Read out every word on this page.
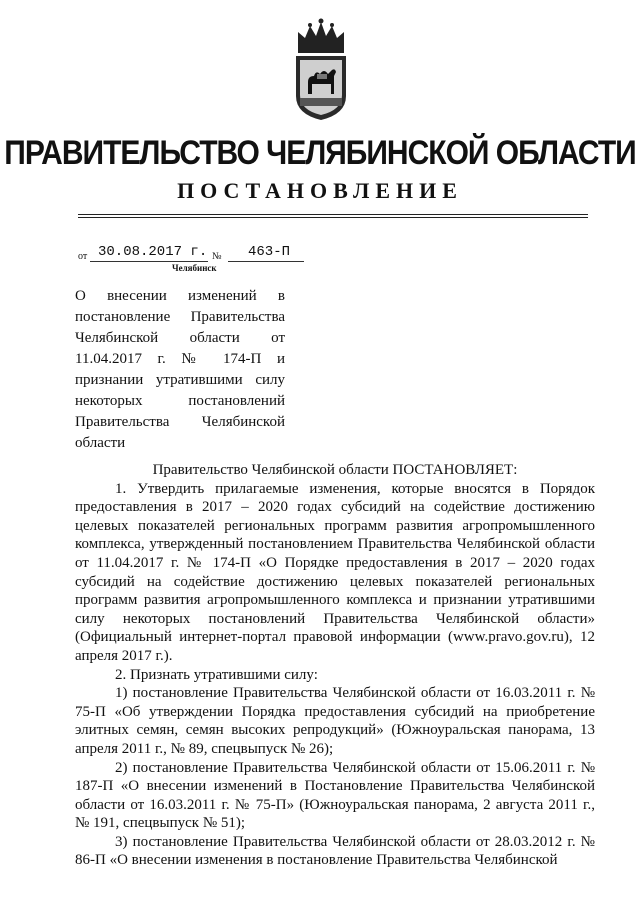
ПРАВИТЕЛЬСТВО ЧЕЛЯБИНСКОЙ ОБЛАСТИ
ПОСТАНОВЛЕНИЕ
от 30.08.2017 г. № 463-П
Челябинск
О внесении изменений в постановление Правительства Челябинской области от 11.04.2017 г. № 174-П и признании утратившими силу некоторых постановлений Правительства Челябинской области

Правительство Челябинской области ПОСТАНОВЛЯЕТ:

1. Утвердить прилагаемые изменения, которые вносятся в Порядок предоставления в 2017 – 2020 годах субсидий на содействие достижению целевых показателей региональных программ развития агропромышленного комплекса, утвержденный постановлением Правительства Челябинской области от 11.04.2017 г. № 174-П «О Порядке предоставления в 2017 – 2020 годах субсидий на содействие достижению целевых показателей региональных программ развития агропромышленного комплекса и признании утратившими силу некоторых постановлений Правительства Челябинской области» (Официальный интернет-портал правовой информации (www.pravo.gov.ru), 12 апреля 2017 г.).

2. Признать утратившими силу:

1) постановление Правительства Челябинской области от 16.03.2011 г. № 75-П «Об утверждении Порядка предоставления субсидий на приобретение элитных семян, семян высоких репродукций» (Южноуральская панорама, 13 апреля 2011 г., № 89, спецвыпуск № 26);

2) постановление Правительства Челябинской области от 15.06.2011 г. № 187-П «О внесении изменений в Постановление Правительства Челябинской области от 16.03.2011 г. № 75-П» (Южноуральская панорама, 2 августа 2011 г., № 191, спецвыпуск № 51);

3) постановление Правительства Челябинской области от 28.03.2012 г. № 86-П «О внесении изменения в постановление Правительства Челябинской
